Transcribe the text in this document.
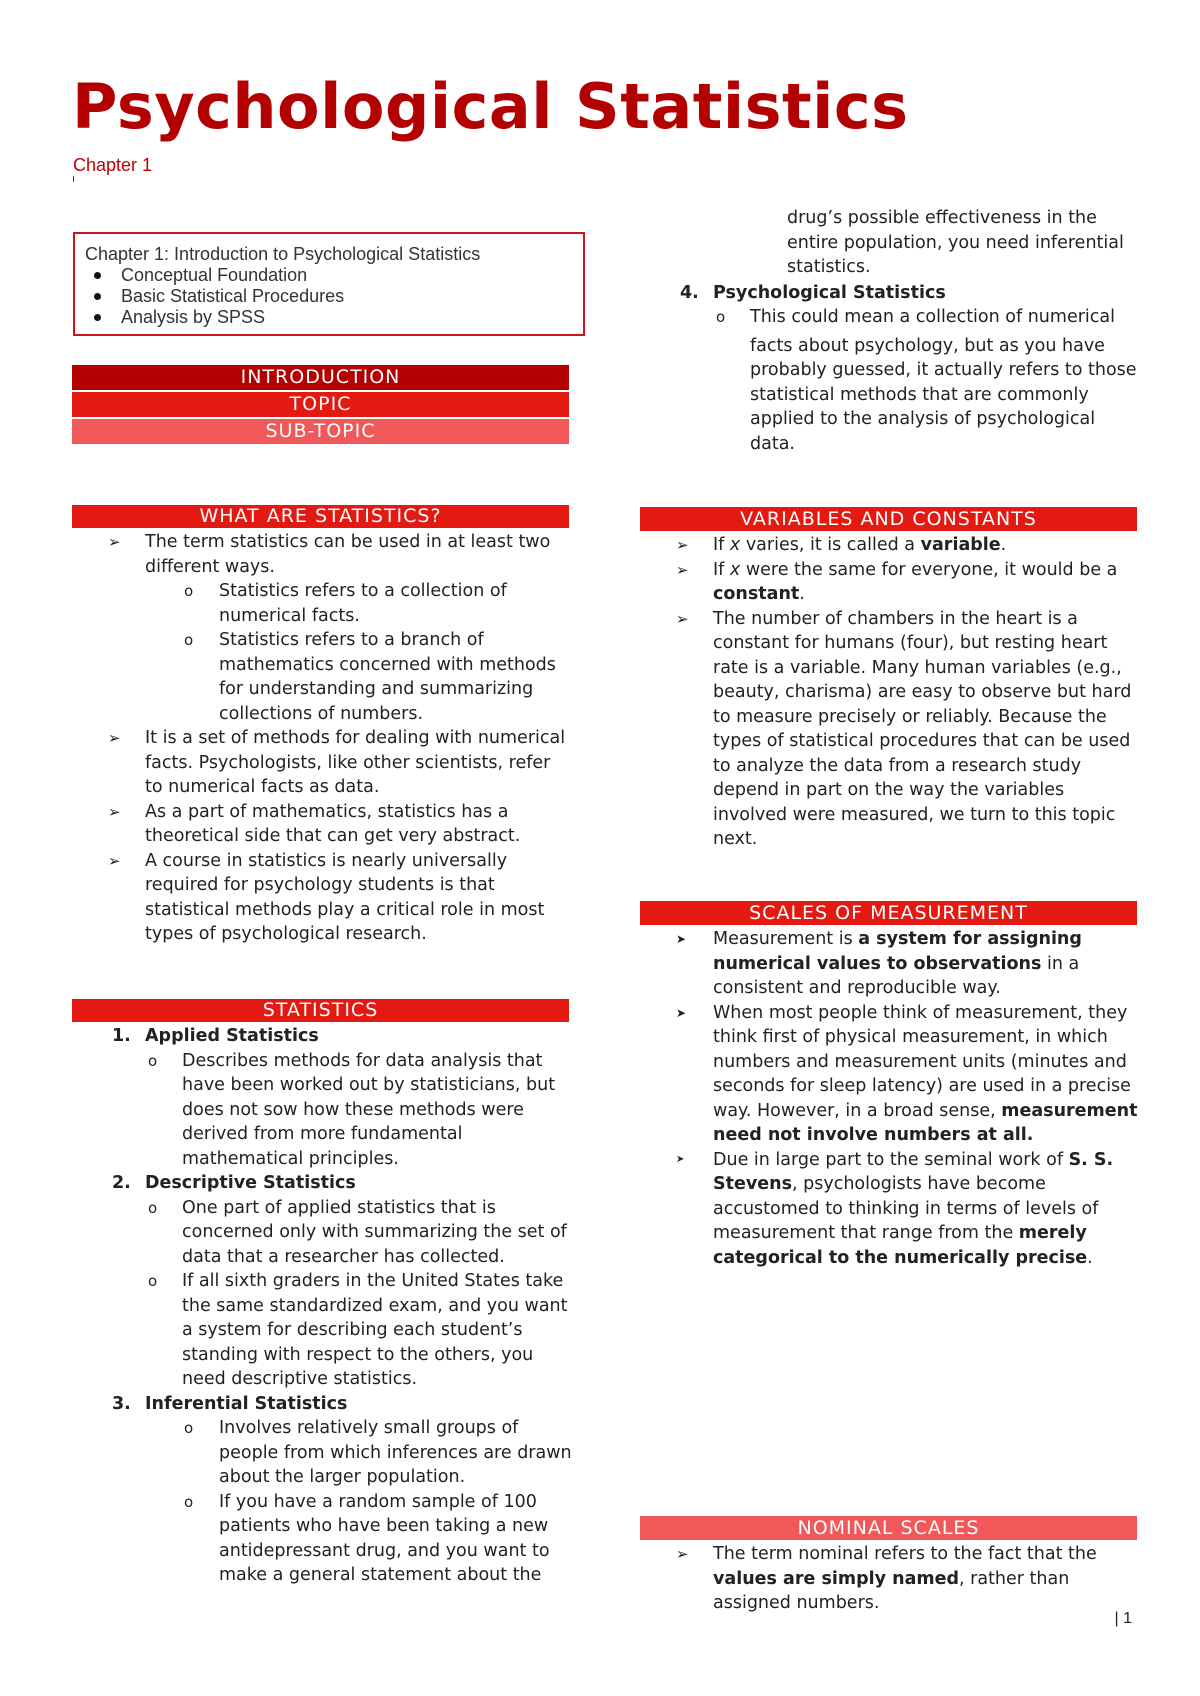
Psychological Statistics
Chapter 1
Chapter 1: Introduction to Psychological Statistics
Conceptual Foundation
Basic Statistical Procedures
Analysis by SPSS
INTRODUCTION
TOPIC
SUB-TOPIC
WHAT ARE STATISTICS?
➢ The term statistics can be used in at least two different ways.
o Statistics refers to a collection of numerical facts.
o Statistics refers to a branch of mathematics concerned with methods for understanding and summarizing collections of numbers.
➢ It is a set of methods for dealing with numerical facts. Psychologists, like other scientists, refer to numerical facts as data.
➢ As a part of mathematics, statistics has a theoretical side that can get very abstract.
➢ A course in statistics is nearly universally required for psychology students is that statistical methods play a critical role in most types of psychological research.
STATISTICS
1. Applied Statistics
o Describes methods for data analysis that have been worked out by statisticians, but does not sow how these methods were derived from more fundamental mathematical principles.
2. Descriptive Statistics
o One part of applied statistics that is concerned only with summarizing the set of data that a researcher has collected.
o If all sixth graders in the United States take the same standardized exam, and you want a system for describing each student’s standing with respect to the others, you need descriptive statistics.
3. Inferential Statistics
o Involves relatively small groups of people from which inferences are drawn about the larger population.
o If you have a random sample of 100 patients who have been taking a new antidepressant drug, and you want to make a general statement about the
drug’s possible effectiveness in the entire population, you need inferential statistics.
4. Psychological Statistics
o This could mean a collection of numerical
facts about psychology, but as you have probably guessed, it actually refers to those statistical methods that are commonly applied to the analysis of psychological data.
VARIABLES AND CONSTANTS
➢ If x varies, it is called a variable.
➢ If x were the same for everyone, it would be a constant.
➢ The number of chambers in the heart is a constant for humans (four), but resting heart rate is a variable. Many human variables (e.g., beauty, charisma) are easy to observe but hard to measure precisely or reliably. Because the types of statistical procedures that can be used to analyze the data from a research study depend in part on the way the variables involved were measured, we turn to this topic next.
SCALES OF MEASUREMENT
➤ Measurement is a system for assigning numerical values to observations in a consistent and reproducible way.
➤ When most people think of measurement, they think first of physical measurement, in which numbers and measurement units (minutes and seconds for sleep latency) are used in a precise way. However, in a broad sense, measurement need not involve numbers at all.
➤ Due in large part to the seminal work of S. S. Stevens, psychologists have become accustomed to thinking in terms of levels of measurement that range from the merely categorical to the numerically precise.
NOMINAL SCALES
➢ The term nominal refers to the fact that the values are simply named, rather than assigned numbers.
| 1
